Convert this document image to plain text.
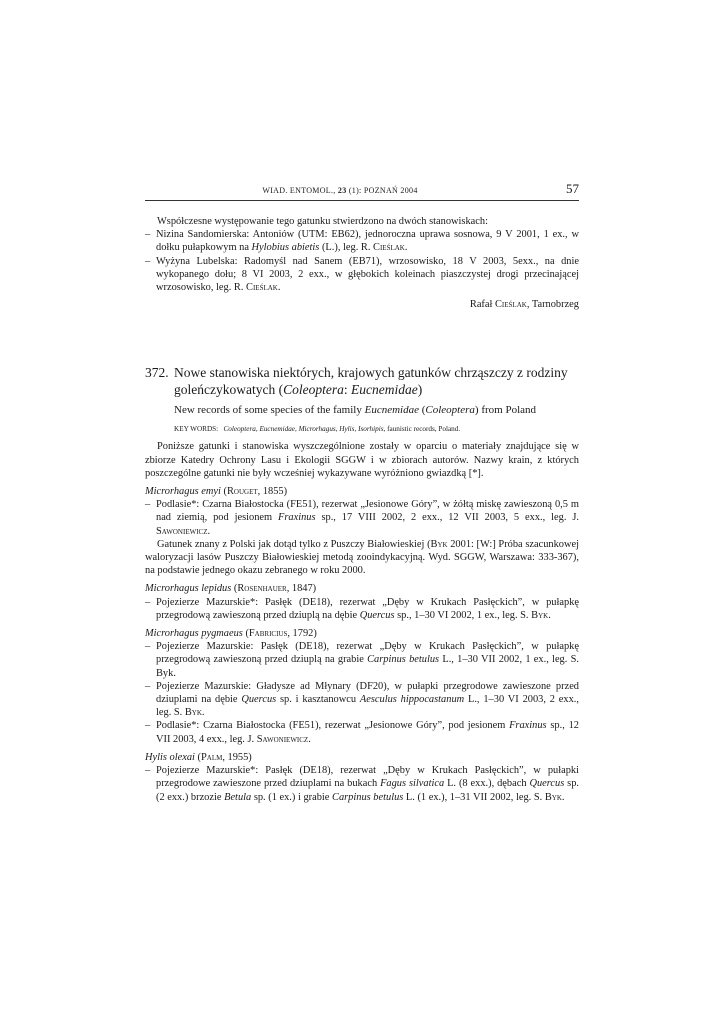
WIAD. ENTOMOL., 23 (1): POZNAŃ 2004	57

Współczesne występowanie tego gatunku stwierdzono na dwóch stanowiskach:

– Nizina Sandomierska: Antoniów (UTM: EB62), jednoroczna uprawa sosnowa, 9 V 2001, 1 ex., w dołku pułapkowym na Hylobius abietis (L.), leg. R. Cieślak.
– Wyżyna Lubelska: Radomyśl nad Sanem (EB71), wrzosowisko, 18 V 2003, 5exx., na dnie wykopanego dołu; 8 VI 2003, 2 exx., w głębokich koleinach piaszczystej drogi przecinającej wrzosowisko, leg. R. Cieślak.

Rafał Cieślak, Tarnobrzeg

372. Nowe stanowiska niektórych, krajowych gatunków chrząszczy z rodziny goleńczykowatych (Coleoptera: Eucnemidae)
New records of some species of the family Eucnemidae (Coleoptera) from Poland
KEY WORDS: Coleoptera, Eucnemidae, Microrhagus, Hylis, Isorhipis, faunistic records, Poland.

Poniższe gatunki i stanowiska wyszczególnione zostały w oparciu o materiały znajdujące się w zbiorze Katedry Ochrony Lasu i Ekologii SGGW i w zbiorach autorów. Nazwy krain, z których poszczególne gatunki nie były wcześniej wykazywane wyróżniono gwiazdką [*].

Microrhagus emyi (Rouget, 1855)

– Podlasie*: Czarna Białostocka (FE51), rezerwat „Jesionowe Góry”, w żółtą miskę zawieszoną 0,5 m nad ziemią, pod jesionem Fraxinus sp., 17 VIII 2002, 2 exx., 12 VII 2003, 5 exx., leg. J. Sawoniewicz.

Gatunek znany z Polski jak dotąd tylko z Puszczy Białowieskiej (Byk 2001: [W:] Próba szacunkowej waloryzacji lasów Puszczy Białowieskiej metodą zooindykacyjną. Wyd. SGGW, Warszawa: 333-367), na podstawie jednego okazu zebranego w roku 2000.

Microrhagus lepidus (Rosenhauer, 1847)

– Pojezierze Mazurskie*: Pasłęk (DE18), rezerwat „Dęby w Krukach Pasłęckich”, w pułapkę przegrodową zawieszoną przed dziuplą na dębie Quercus sp., 1–30 VI 2002, 1 ex., leg. S. Byk.

Microrhagus pygmaeus (Fabricius, 1792)

– Pojezierze Mazurskie: Pasłęk (DE18), rezerwat „Dęby w Krukach Pasłęckich”, w pułapkę przegrodową zawieszoną przed dziuplą na grabie Carpinus betulus L., 1–30 VII 2002, 1 ex., leg. S. Byk.
– Pojezierze Mazurskie: Gładysze ad Młynary (DF20), w pułapki przegrodowe zawieszone przed dziuplami na dębie Quercus sp. i kasztanowcu Aesculus hippocastanum L., 1–30 VI 2003, 2 exx., leg. S. Byk.
– Podlasie*: Czarna Białostocka (FE51), rezerwat „Jesionowe Góry”, pod jesionem Fraxinus sp., 12 VII 2003, 4 exx., leg. J. Sawoniewicz.

Hylis olexai (Palm, 1955)

– Pojezierze Mazurskie*: Pasłęk (DE18), rezerwat „Dęby w Krukach Pasłęckich”, w pułapki przegrodowe zawieszone przed dziuplami na bukach Fagus silvatica L. (8 exx.), dębach Quercus sp. (2 exx.) brzozie Betula sp. (1 ex.) i grabie Carpinus betulus L. (1 ex.), 1–31 VII 2002, leg. S. Byk.
